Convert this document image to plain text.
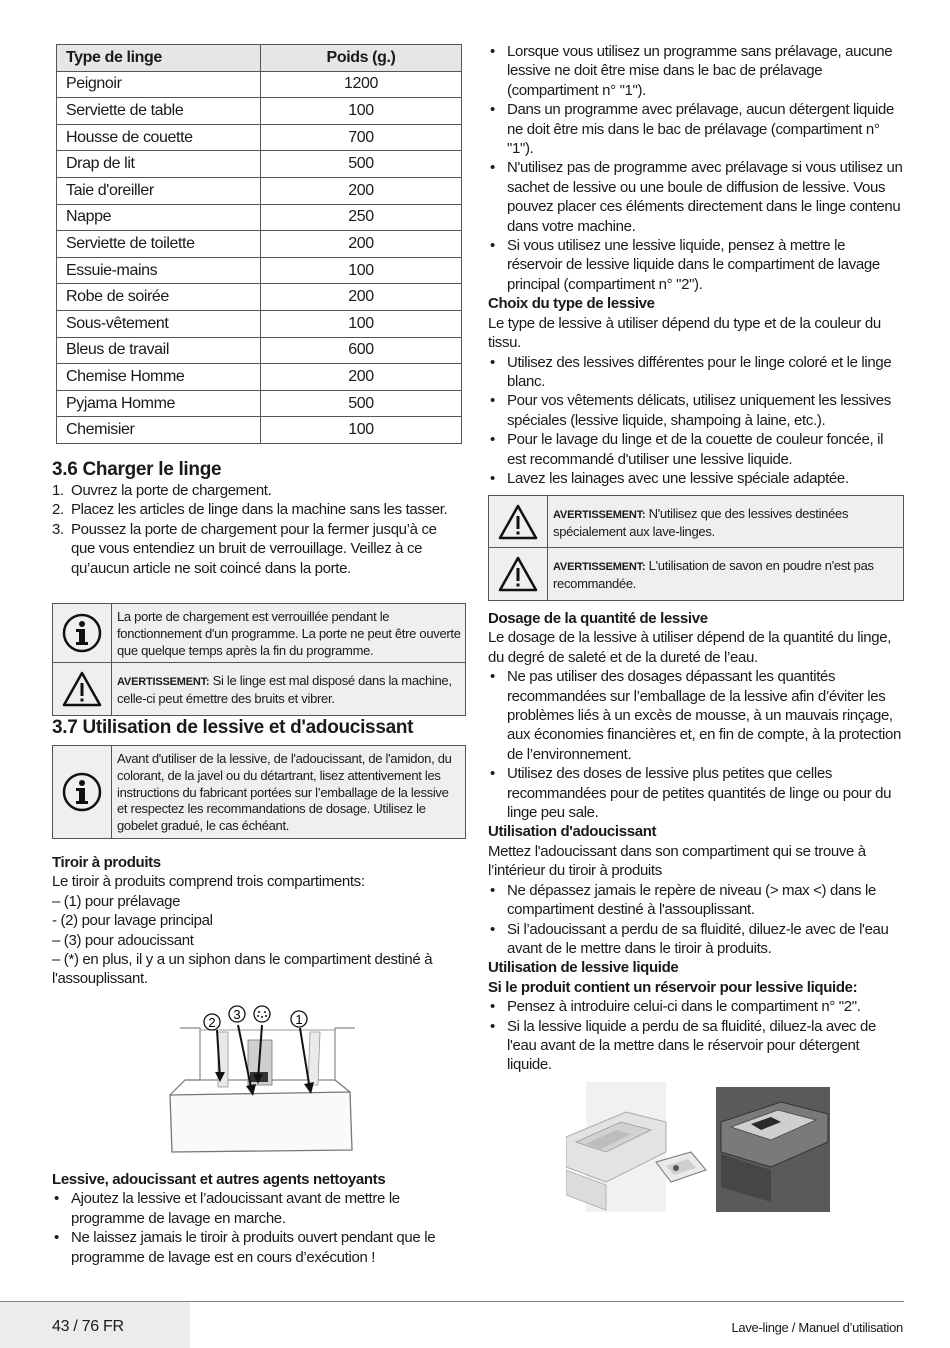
Type de linge	Poids (g.)
Peignoir	1200
Serviette de table	100
Housse de couette	700
Drap de lit	500
Taie d'oreiller	200
Nappe	250
Serviette de toilette	200
Essuie-mains	100
Robe de soirée	200
Sous-vêtement	100
Bleus de travail	600
Chemise Homme	200
Pyjama Homme	500
Chemisier	100
3.6 Charger le linge
1. Ouvrez la porte de chargement.
2. Placez les articles de linge dans la machine sans les tasser.
3. Poussez la porte de chargement pour la fermer jusqu’à ce que vous entendiez un bruit de verrouillage. Veillez à ce qu’aucun article ne soit coincé dans la porte.
La porte de chargement est verrouillée pendant le fonctionnement d'un programme. La porte ne peut être ouverte que quelque temps après la fin du programme.
AVERTISSEMENT: Si le linge est mal disposé dans la machine, celle-ci peut émettre des bruits et vibrer.
3.7 Utilisation de lessive et d'adoucissant
Avant d'utiliser de la lessive, de l'adoucissant, de l'amidon, du colorant, de la javel ou du détartrant, lisez attentivement les instructions du fabricant portées sur l’emballage de la lessive et respectez les recommandations de dosage. Utilisez le gobelet gradué, le cas échéant.

Tiroir à produits

Le tiroir à produits comprend trois compartiments:

– (1) pour prélavage

- (2) pour lavage principal

– (3) pour adoucissant

– (*) en plus, il y a un siphon dans le compartiment destiné à l'assouplissant.

2
3	1
Lessive, adoucissant et autres agents nettoyants
• Ajoutez la lessive et l’adoucissant avant de mettre le programme de lavage en marche.
• Ne laissez jamais le tiroir à produits ouvert pendant que le programme de lavage est en cours d’exécution !
• Lorsque vous utilisez un programme sans prélavage, aucune lessive ne doit être mise dans le bac de prélavage (compartiment n° "1").
• Dans un programme avec prélavage, aucun détergent liquide ne doit être mis dans le bac de prélavage (compartiment n° "1").
• N'utilisez pas de programme avec prélavage si vous utilisez un sachet de lessive ou une boule de diffusion de lessive. Vous pouvez placer ces éléments directement dans le linge contenu dans votre machine.
• Si vous utilisez une lessive liquide, pensez à mettre le réservoir de lessive liquide dans le compartiment de lavage principal (compartiment n° "2").
Choix du type de lessive
Le type de lessive à utiliser dépend du type et de la couleur du tissu.
• Utilisez des lessives différentes pour le linge coloré et le linge blanc.
• Pour vos vêtements délicats, utilisez uniquement les lessives spéciales (lessive liquide, shampoing à laine, etc.).
• Pour le lavage du linge et de la couette de couleur foncée, il est recommandé d'utiliser une lessive liquide.
• Lavez les lainages avec une lessive spéciale adaptée.
AVERTISSEMENT: N'utilisez que des lessives destinées spécialement aux lave-linges.
AVERTISSEMENT: L'utilisation de savon en poudre n'est pas recommandée.
Dosage de la quantité de lessive
Le dosage de la lessive à utiliser dépend de la quantité du linge, du degré de saleté et de la dureté de l’eau.
• Ne pas utiliser des dosages dépassant les quantités recommandées sur l’emballage de la lessive afin d’éviter les problèmes liés à un excès de mousse, à un mauvais rinçage, aux économies financières et, en fin de compte, à la protection de l’environnement.
• Utilisez des doses de lessive plus petites que celles recommandées pour de petites quantités de linge ou pour du linge peu sale.
Utilisation d'adoucissant
Mettez l'adoucissant dans son compartiment qui se trouve à l’intérieur du tiroir à produits
• Ne dépassez jamais le repère de niveau (> max <) dans le compartiment destiné à l'assouplissant.
• Si l’adoucissant a perdu de sa fluidité, diluez-le avec de l'eau avant de le mettre dans le tiroir à produits.
Utilisation de lessive liquide
Si le produit contient un réservoir pour lessive liquide:
• Pensez à introduire celui-ci dans le compartiment n° "2".
• Si la lessive liquide a perdu de sa fluidité, diluez-la avec de l'eau avant de la mettre dans le réservoir pour détergent liquide.
43 / 76 FR	Lave-linge / Manuel d’utilisation
